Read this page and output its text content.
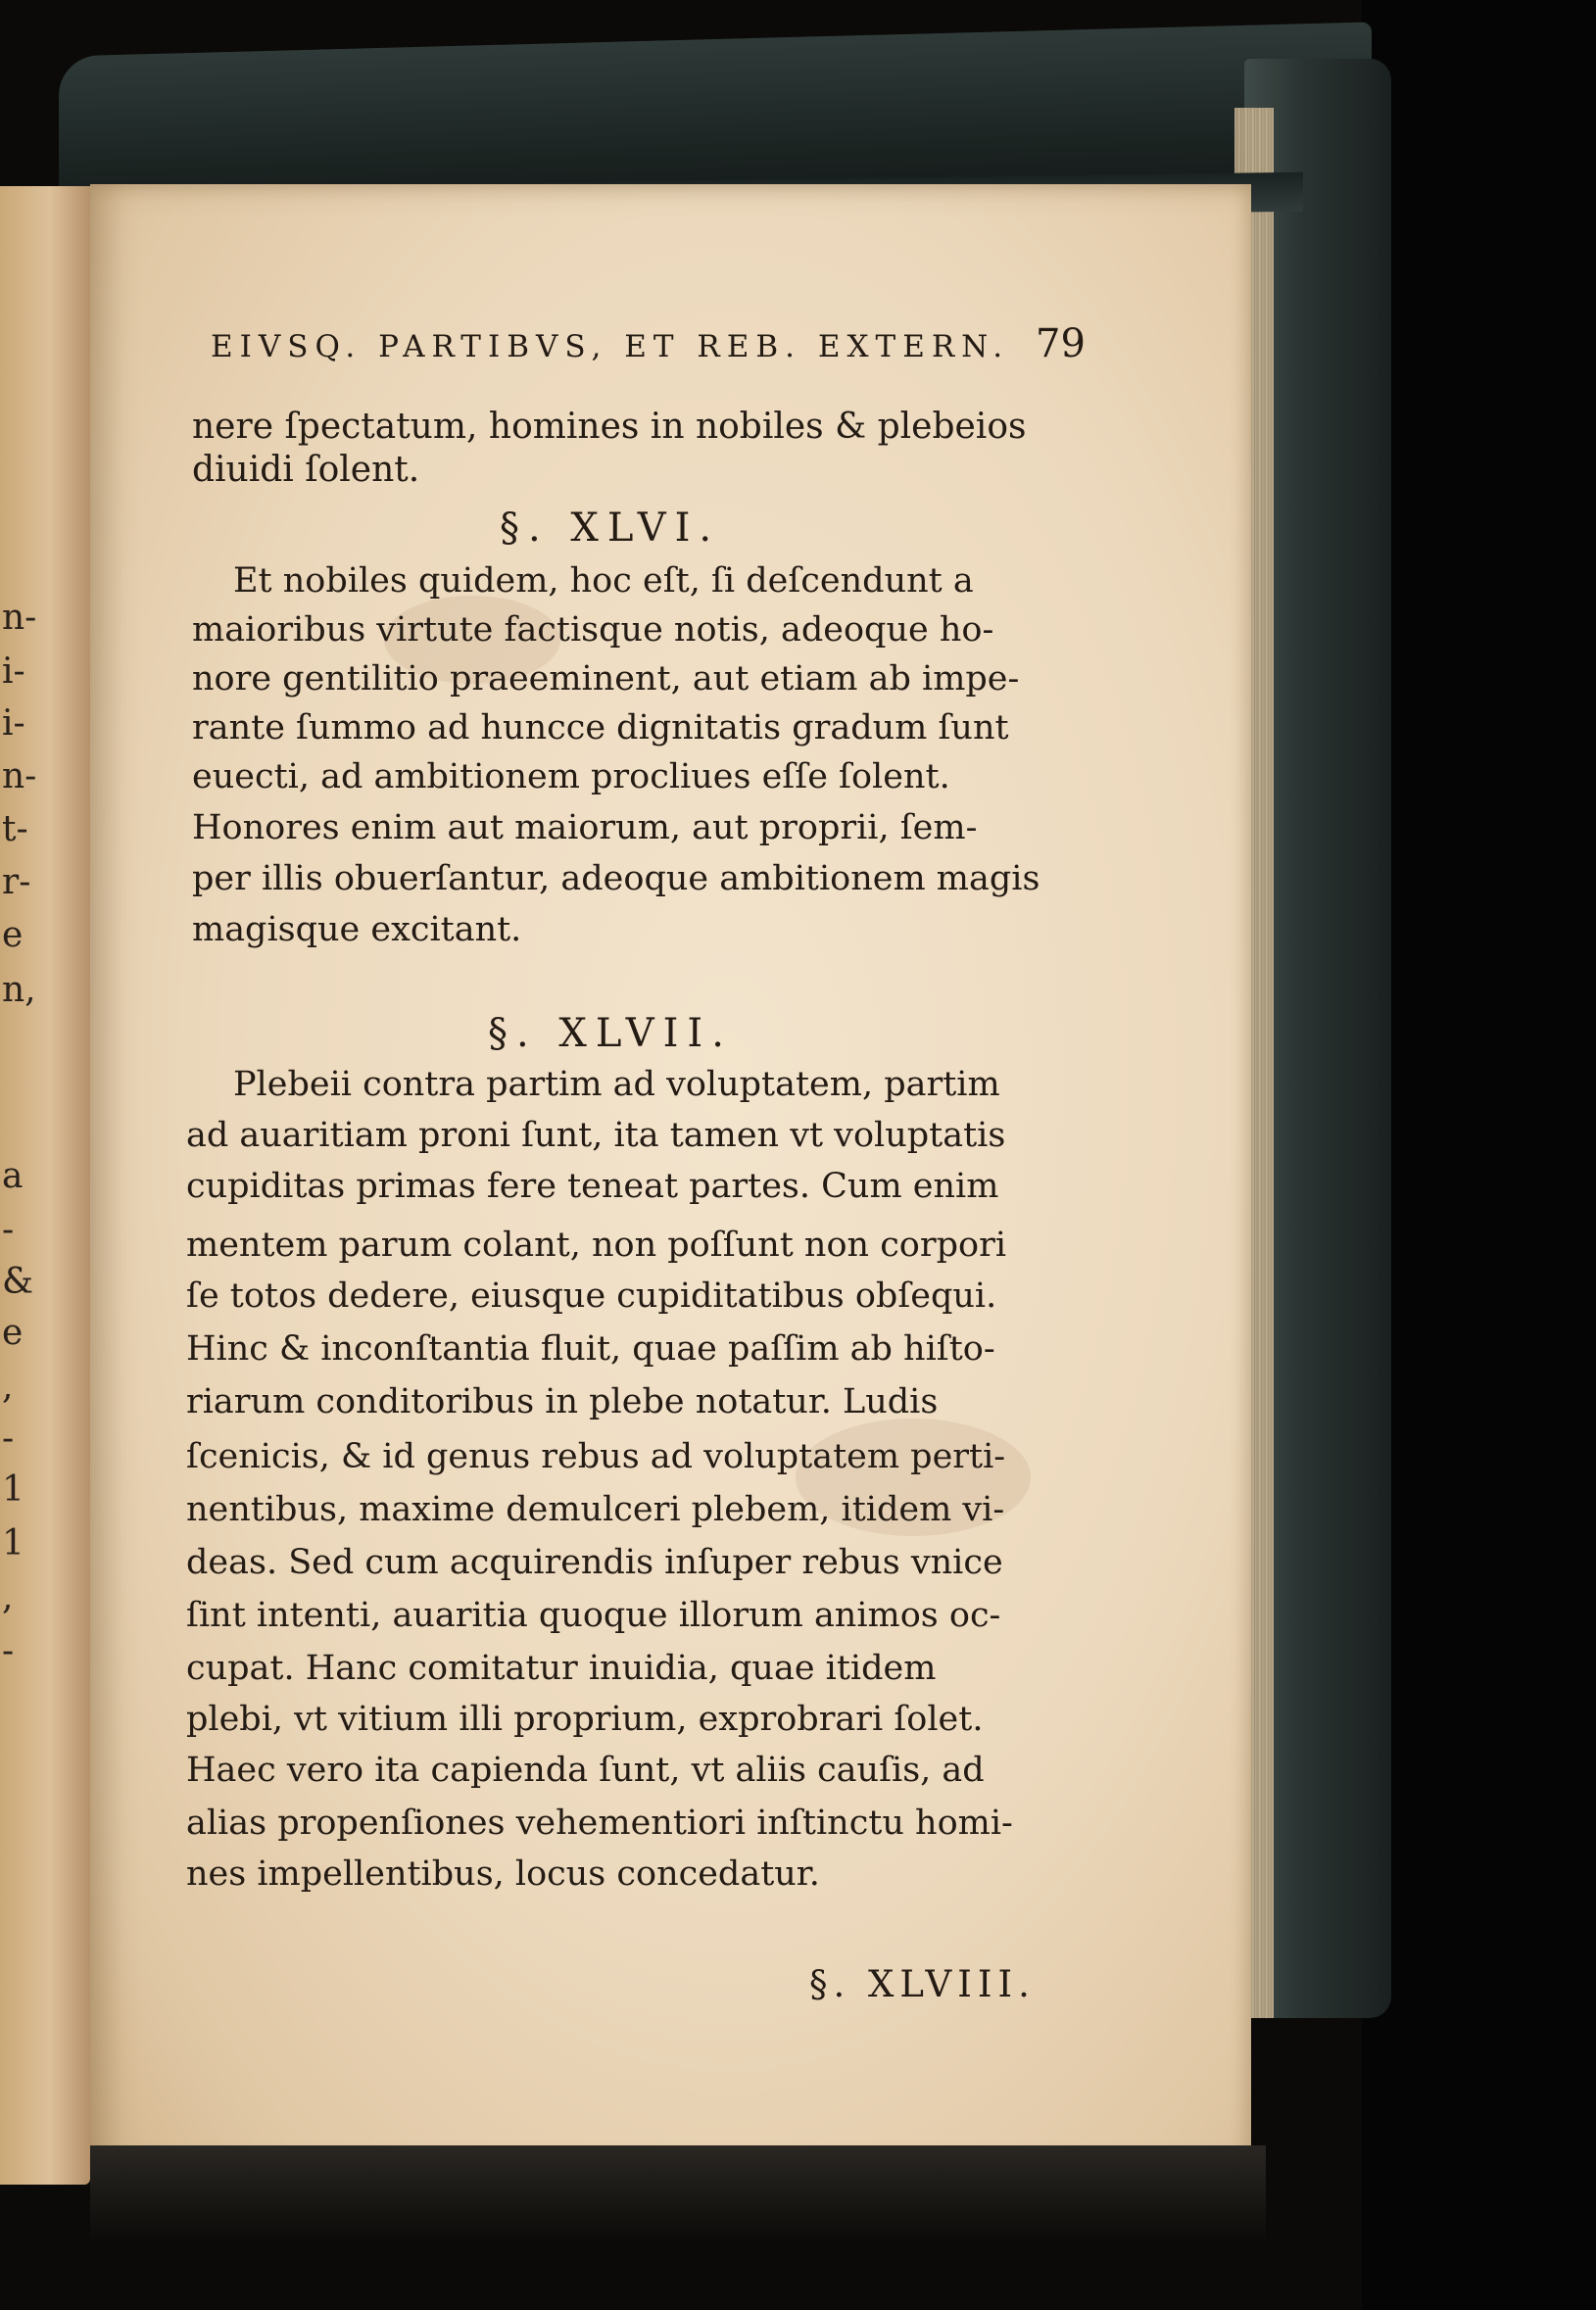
n-
i-
i-
n-
t-
r-
e
n,
a
-
&
e
,
-
1
1
,
-
EIVSQ. PARTIBVS, ET REB. EXTERN. 79
nere ſpectatum, homines in nobiles & plebeios
diuidi ſolent.
§. XLVI.
Et nobiles quidem, hoc eſt, ſi deſcendunt a
maioribus virtute factisque notis, adeoque ho-
nore gentilitio praeeminent, aut etiam ab impe-
rante ſummo ad huncce dignitatis gradum ſunt
euecti, ad ambitionem procliues eſſe ſolent.
Honores enim aut maiorum, aut proprii, ſem-
per illis obuerſantur, adeoque ambitionem magis
magisque excitant.
§. XLVII.
Plebeii contra partim ad voluptatem, partim
ad auaritiam proni ſunt, ita tamen vt voluptatis
cupiditas primas fere teneat partes. Cum enim
mentem parum colant, non poſſunt non corpori
ſe totos dedere, eiusque cupiditatibus obſequi.
Hinc & inconſtantia fluit, quae paſſim ab hiſto-
riarum conditoribus in plebe notatur. Ludis
ſcenicis, & id genus rebus ad voluptatem perti-
nentibus, maxime demulceri plebem, itidem vi-
deas. Sed cum acquirendis inſuper rebus vnice
ſint intenti, auaritia quoque illorum animos oc-
cupat. Hanc comitatur inuidia, quae itidem
plebi, vt vitium illi proprium, exprobrari ſolet.
Haec vero ita capienda ſunt, vt aliis cauſis, ad
alias propenſiones vehementiori inſtinctu homi-
nes impellentibus, locus concedatur.
§. XLVIII.
